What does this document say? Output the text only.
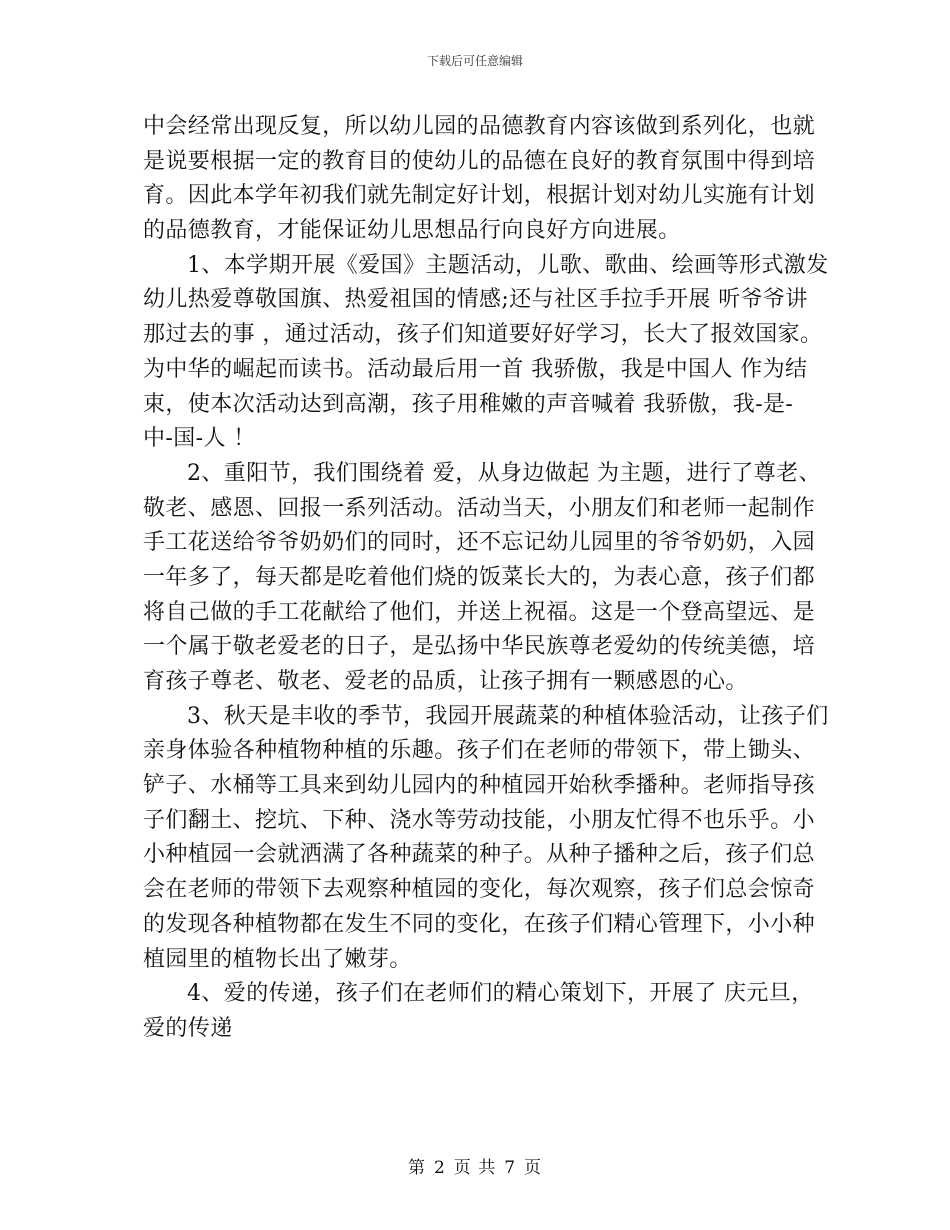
下载后可任意编辑
中会经常出现反复，所以幼儿园的品德教育内容该做到系列化，也就
是说要根据一定的教育目的使幼儿的品德在良好的教育氛围中得到培
育。因此本学年初我们就先制定好计划，根据计划对幼儿实施有计划
的品德教育，才能保证幼儿思想品行向良好方向进展。
1、本学期开展《爱国》主题活动，儿歌、歌曲、绘画等形式激发
幼儿热爱尊敬国旗、热爱祖国的情感;还与社区手拉手开展 听爷爷讲
那过去的事 ，通过活动，孩子们知道要好好学习，长大了报效国家。
为中华的崛起而读书。活动最后用一首 我骄傲，我是中国人 作为结
束，使本次活动达到高潮，孩子用稚嫩的声音喊着 我骄傲，我-是-
中-国-人 ！
2、重阳节，我们围绕着 爱，从身边做起 为主题，进行了尊老、
敬老、感恩、回报一系列活动。活动当天，小朋友们和老师一起制作
手工花送给爷爷奶奶们的同时，还不忘记幼儿园里的爷爷奶奶，入园
一年多了，每天都是吃着他们烧的饭菜长大的，为表心意，孩子们都
将自己做的手工花献给了他们，并送上祝福。这是一个登高望远、是
一个属于敬老爱老的日子，是弘扬中华民族尊老爱幼的传统美德，培
育孩子尊老、敬老、爱老的品质，让孩子拥有一颗感恩的心。
3、秋天是丰收的季节，我园开展蔬菜的种植体验活动，让孩子们
亲身体验各种植物种植的乐趣。孩子们在老师的带领下，带上锄头、
铲子、水桶等工具来到幼儿园内的种植园开始秋季播种。老师指导孩
子们翻土、挖坑、下种、浇水等劳动技能，小朋友忙得不也乐乎。小
小种植园一会就洒满了各种蔬菜的种子。从种子播种之后，孩子们总
会在老师的带领下去观察种植园的变化，每次观察，孩子们总会惊奇
的发现各种植物都在发生不同的变化，在孩子们精心管理下，小小种
植园里的植物长出了嫩芽。
4、爱的传递，孩子们在老师们的精心策划下，开展了 庆元旦，
爱的传递
第 2 页 共 7 页
